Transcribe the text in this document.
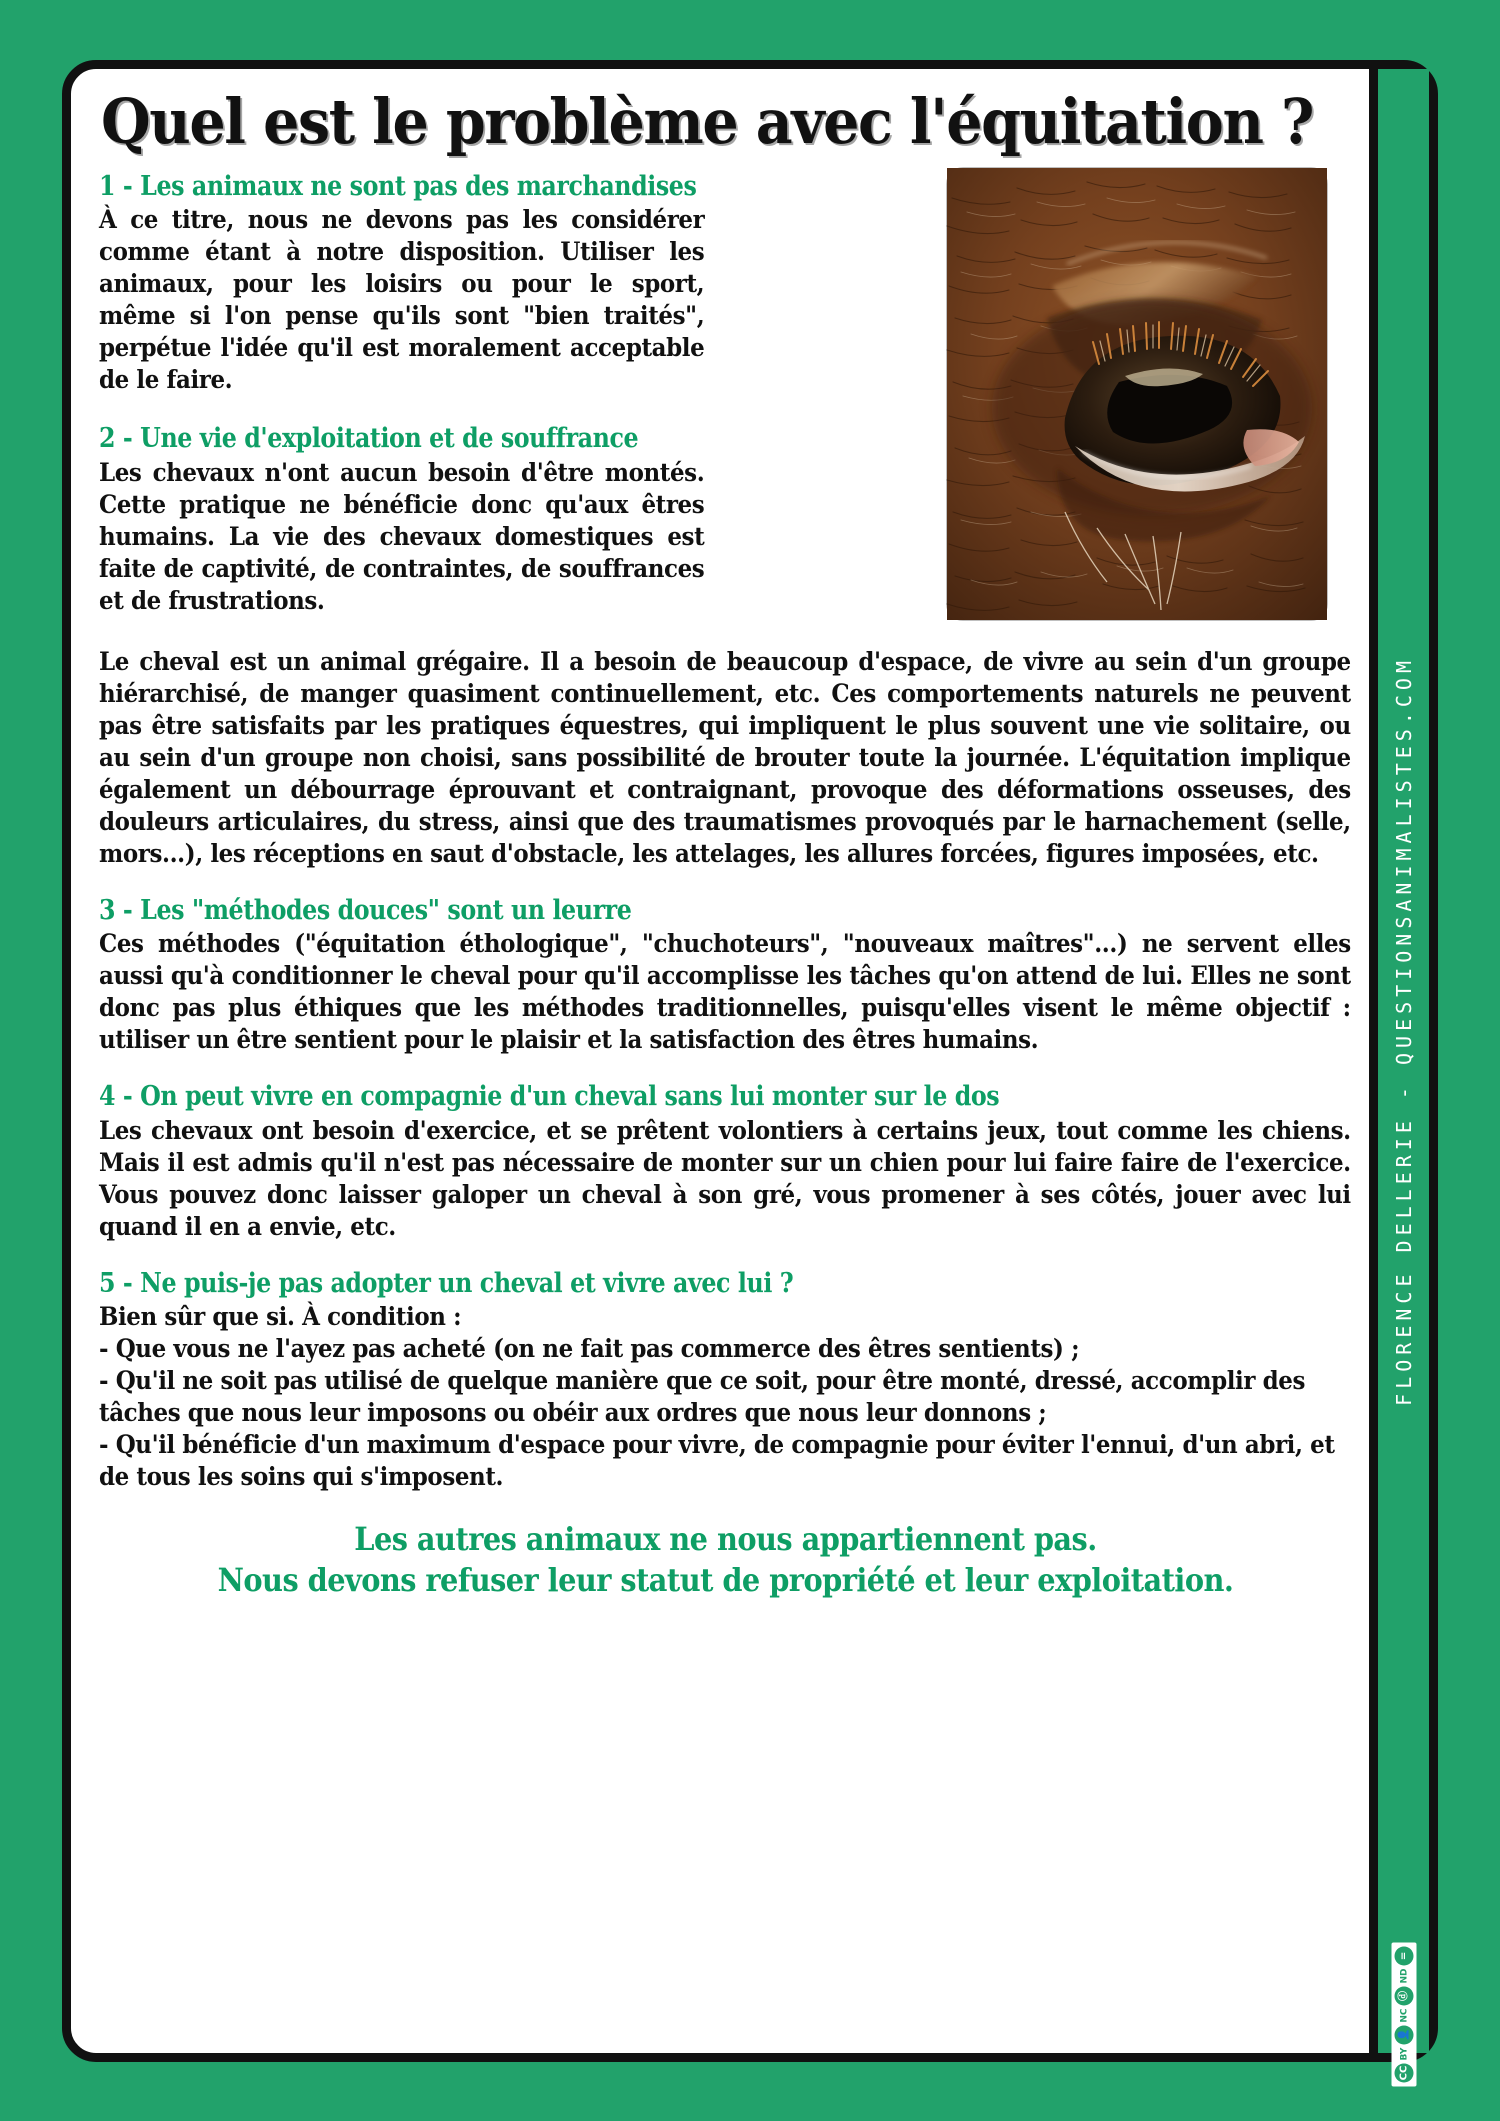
Quel est le problème avec l'équitation ?
1 - Les animaux ne sont pas des marchandises

À ce titre, nous ne devons pas les considérer comme étant à notre disposition. Utiliser les animaux, pour les loisirs ou pour le sport, même si l'on pense qu'ils sont "bien traités", perpétue l'idée qu'il est moralement acceptable de le faire.

2 - Une vie d'exploitation et de souffrance

Les chevaux n'ont aucun besoin d'être montés. Cette pratique ne bénéficie donc qu'aux êtres humains. La vie des chevaux domestiques est faite de captivité, de contraintes, de souffrances et de frustrations.

Le cheval est un animal grégaire. Il a besoin de beaucoup d'espace, de vivre au sein d'un groupe hiérarchisé, de manger quasiment continuellement, etc. Ces comportements naturels ne peuvent pas être satisfaits par les pratiques équestres, qui impliquent le plus souvent une vie solitaire, ou au sein d'un groupe non choisi, sans possibilité de brouter toute la journée. L'équitation implique également un débourrage éprouvant et contraignant, provoque des déformations osseuses, des douleurs articulaires, du stress, ainsi que des traumatismes provoqués par le harnachement (selle, mors...), les réceptions en saut d'obstacle, les attelages, les allures forcées, figures imposées, etc.

3 - Les "méthodes douces" sont un leurre

Ces méthodes ("équitation éthologique", "chuchoteurs", "nouveaux maîtres"...) ne servent elles aussi qu'à conditionner le cheval pour qu'il accomplisse les tâches qu'on attend de lui. Elles ne sont donc pas plus éthiques que les méthodes traditionnelles, puisqu'elles visent le même objectif : utiliser un être sentient pour le plaisir et la satisfaction des êtres humains.

4 - On peut vivre en compagnie d'un cheval sans lui monter sur le dos

Les chevaux ont besoin d'exercice, et se prêtent volontiers à certains jeux, tout comme les chiens. Mais il est admis qu'il n'est pas nécessaire de monter sur un chien pour lui faire faire de l'exercice. Vous pouvez donc laisser galoper un cheval à son gré, vous promener à ses côtés, jouer avec lui quand il en a envie, etc.

5 - Ne puis-je pas adopter un cheval et vivre avec lui ?

Bien sûr que si. À condition :

- Que vous ne l'ayez pas acheté (on ne fait pas commerce des êtres sentients) ;

- Qu'il ne soit pas utilisé de quelque manière que ce soit, pour être monté, dressé, accomplir des tâches que nous leur imposons ou obéir aux ordres que nous leur donnons ;

- Qu'il bénéficie d'un maximum d'espace pour vivre, de compagnie pour éviter l'ennui, d'un abri, et de tous les soins qui s'imposent.

Les autres animaux ne nous appartiennent pas.
Nous devons refuser leur statut de propriété et leur exploitation.
FLORENCE DELLERIE - QUESTIONSANIMALISTES.COM
CC
BY
👤
NC
ⓓ
ND
=
